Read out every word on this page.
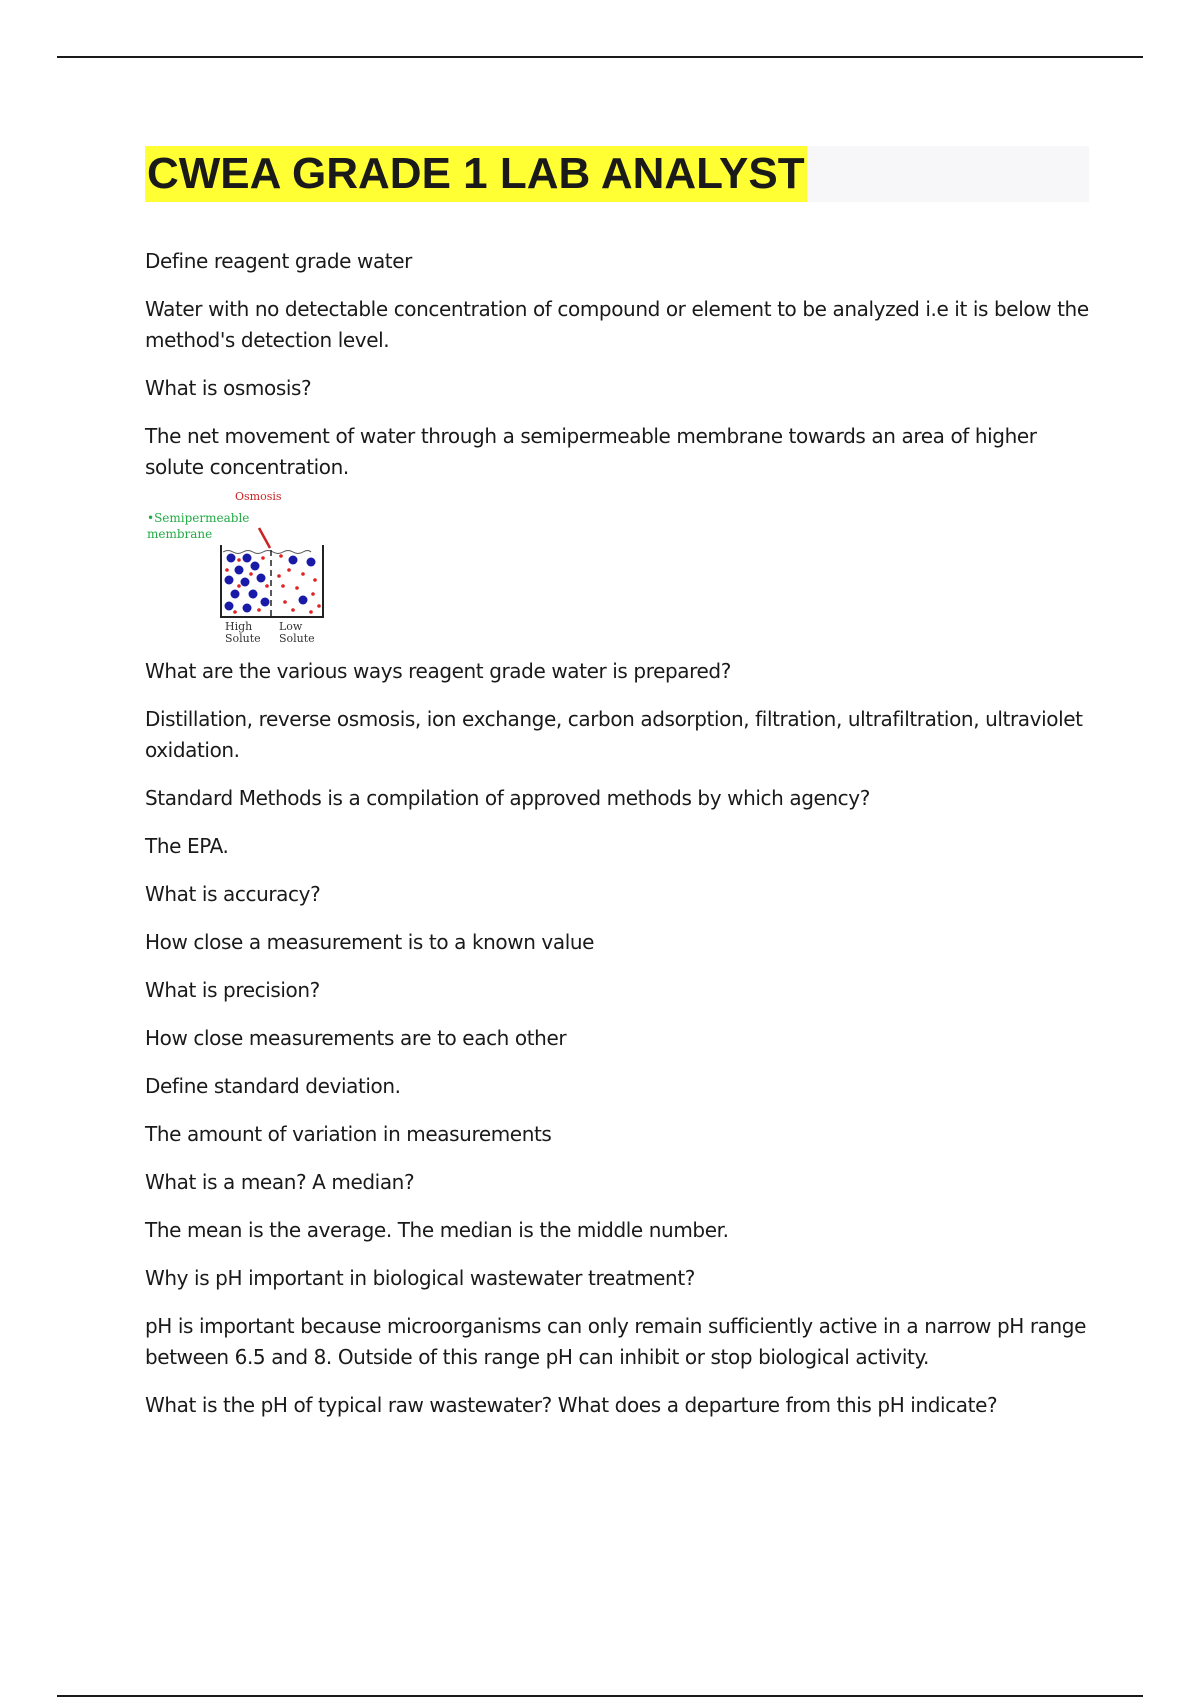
CWEA GRADE 1 LAB ANALYST

Define reagent grade water

Water with no detectable concentration of compound or element to be analyzed i.e it is below the method's detection level.

What is osmosis?

The net movement of water through a semipermeable membrane towards an area of higher solute concentration.

Osmosis
•Semipermeable membrane
High Solute
Low Solute

What are the various ways reagent grade water is prepared?

Distillation, reverse osmosis, ion exchange, carbon adsorption, filtration, ultrafiltration, ultraviolet oxidation.

Standard Methods is a compilation of approved methods by which agency?

The EPA.

What is accuracy?

How close a measurement is to a known value

What is precision?

How close measurements are to each other

Define standard deviation.

The amount of variation in measurements

What is a mean? A median?

The mean is the average. The median is the middle number.

Why is pH important in biological wastewater treatment?

pH is important because microorganisms can only remain sufficiently active in a narrow pH range between 6.5 and 8. Outside of this range pH can inhibit or stop biological activity.

What is the pH of typical raw wastewater? What does a departure from this pH indicate?
